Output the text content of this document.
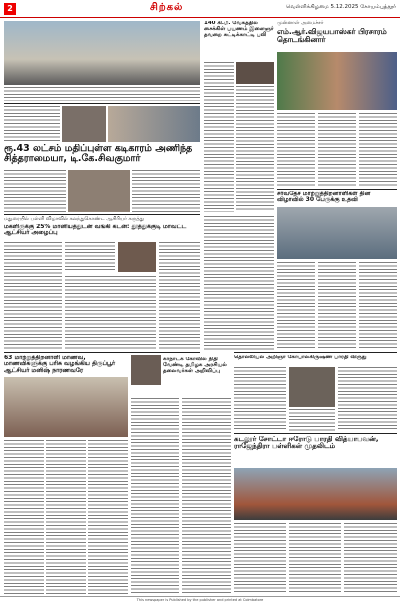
2	சிற்கல்	வெள்ளிக்கிழமை 5.12.2025 கோயம்புத்தூர்
ரூ.43 லட்சம் மதிப்புள்ள கடிகாரம் அணிந்த சித்தராமையா, டி.கே.சிவகுமார்
மதுரையில் பள்ளி விழாவில் கலந்துகொண்ட ஆசிரியர் கருத்து
மகளிருக்கு 25% மானியத்துடன் வங்கி கடன்: தூத்துக்குடி மாவட்ட ஆட்சியர் அழைப்பு
63 மாற்றுத்திறனாளி மாணவ, மாணவிகளுக்கு பரிசு வழங்கிய திருப்பூர் ஆட்சியர் மனிஷ் நாரணவரே
கர்நாடக கோவில் நிதி வேண்டி தமிழக அரசியல் தலைவர்கள் அறிவிப்பு
140 கி.மீ. வேகத்தில் சைக்கிள் பயணம் இளைஞர் தவறை சுட்டிக்காட்டி பலி
முன்னாள் அமைச்சர்
எம்.ஆர்.விஜயபாஸ்கர் பிரசாரம் தொடங்கினார்
சர்வதேச மாற்றுத்திறனாளிகள் தின விழாவில் 30 பேருக்கு உதவி
தொல்லியல் அறிஞர் கோபாலகிருஷ்ண பாரதி விருது
கடலூர் சோட்டா ஈரோடு பாரதி வித்யாபவன், ராஜேந்திரா பள்ளிகள் முதலிடம்
This newspaper is Published by the publisher and printed at Coimbatore
